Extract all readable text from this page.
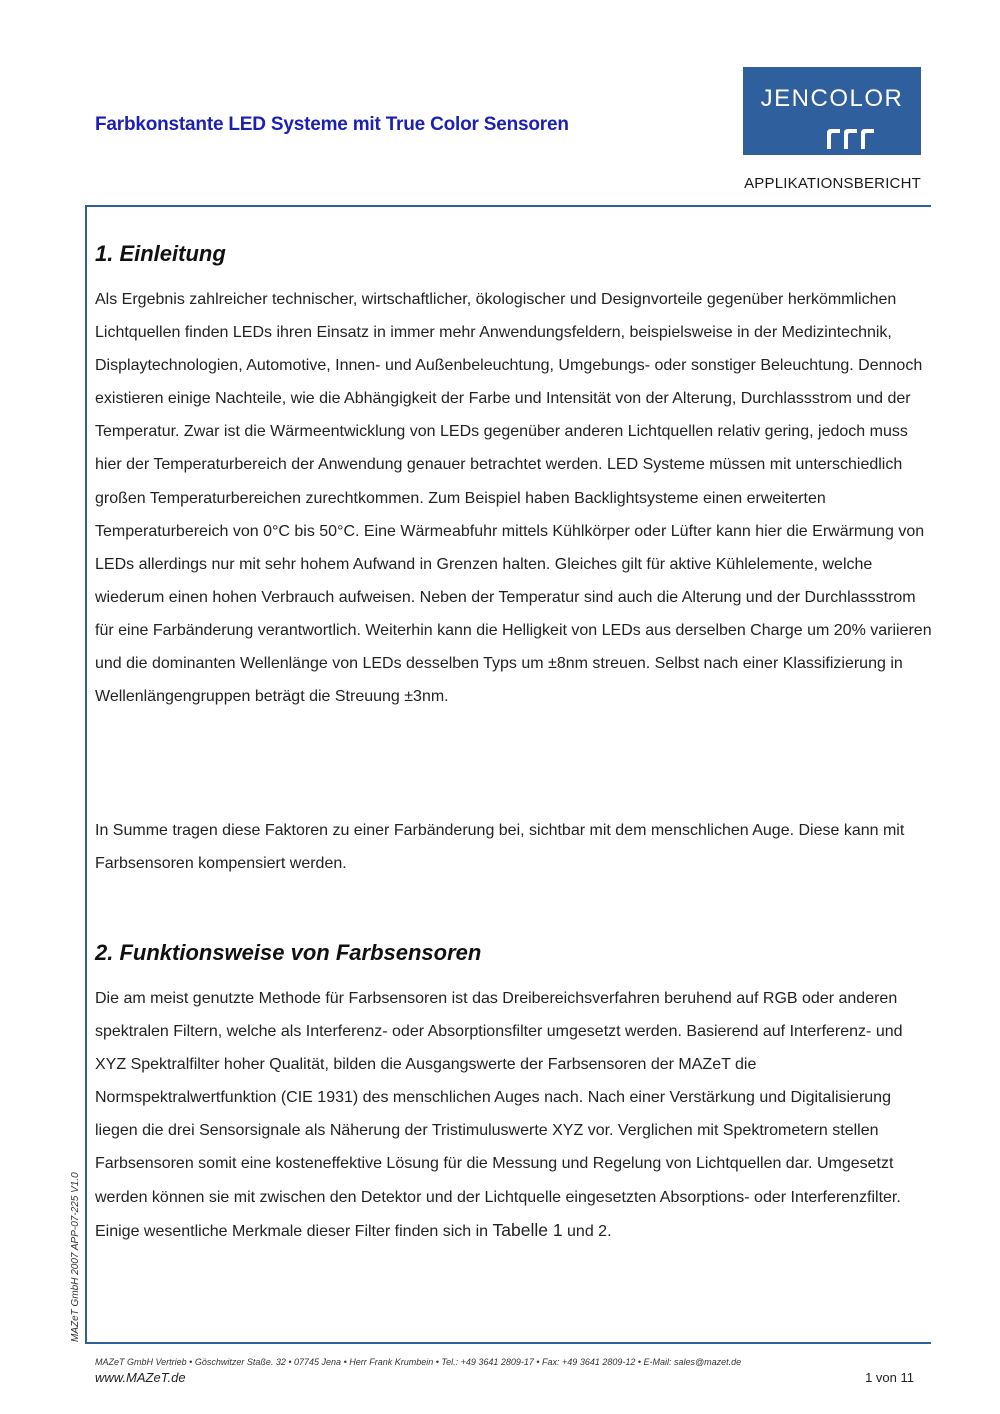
Farbkonstante LED Systeme mit True Color Sensoren
JENCOLOR
APPLIKATIONSBERICHT
1. Einleitung

Als Ergebnis zahlreicher technischer, wirtschaftlicher, ökologischer und Designvorteile gegenüber herkömmlichen Lichtquellen finden LEDs ihren Einsatz in immer mehr Anwendungsfeldern, beispielsweise in der Medizintechnik, Displaytechnologien, Automotive, Innen- und Außenbeleuchtung, Umgebungs- oder sonstiger Beleuchtung. Dennoch existieren einige Nachteile, wie die Abhängigkeit der Farbe und Intensität von der Alterung, Durchlassstrom und der Temperatur. Zwar ist die Wärmeentwicklung von LEDs gegenüber anderen Lichtquellen relativ gering, jedoch muss hier der Temperaturbereich der Anwendung genauer betrachtet werden. LED Systeme müssen mit unterschiedlich großen Temperaturbereichen zurechtkommen. Zum Beispiel haben Backlightsysteme einen erweiterten Temperaturbereich von 0°C bis 50°C. Eine Wärmeabfuhr mittels Kühlkörper oder Lüfter kann hier die Erwärmung von LEDs allerdings nur mit sehr hohem Aufwand in Grenzen halten. Gleiches gilt für aktive Kühlelemente, welche wiederum einen hohen Verbrauch aufweisen. Neben der Temperatur sind auch die Alterung und der Durchlassstrom für eine Farbänderung verantwortlich. Weiterhin kann die Helligkeit von LEDs aus derselben Charge um 20% variieren und die dominanten Wellenlänge von LEDs desselben Typs um ±8nm streuen. Selbst nach einer Klassifizierung in Wellenlängengruppen beträgt die Streuung ±3nm.

In Summe tragen diese Faktoren zu einer Farbänderung bei, sichtbar mit dem menschlichen Auge. Diese kann mit Farbsensoren kompensiert werden.

2. Funktionsweise von Farbsensoren

Die am meist genutzte Methode für Farbsensoren ist das Dreibereichsverfahren beruhend auf RGB oder anderen spektralen Filtern, welche als Interferenz- oder Absorptionsfilter umgesetzt werden. Basierend auf Interferenz- und XYZ Spektralfilter hoher Qualität, bilden die Ausgangswerte der Farbsensoren der MAZeT die Normspektralwertfunktion (CIE 1931) des menschlichen Auges nach. Nach einer Verstärkung und Digitalisierung liegen die drei Sensorsignale als Näherung der Tristimuluswerte XYZ vor. Verglichen mit Spektrometern stellen Farbsensoren somit eine kosteneffektive Lösung für die Messung und Regelung von Lichtquellen dar. Umgesetzt werden können sie mit zwischen den Detektor und der Lichtquelle eingesetzten Absorptions- oder Interferenzfilter. Einige wesentliche Merkmale dieser Filter finden sich in Tabelle 1 und 2.

MAZeT GmbH 2007 APP-07-225 V1.0
MAZeT GmbH Vertrieb • Göschwitzer Staße. 32 • 07745 Jena • Herr Frank Krumbein • Tel.: +49 3641 2809-17 • Fax: +49 3641 2809-12 • E-Mail: sales@mazet.de
www.MAZeT.de	1 von 11
